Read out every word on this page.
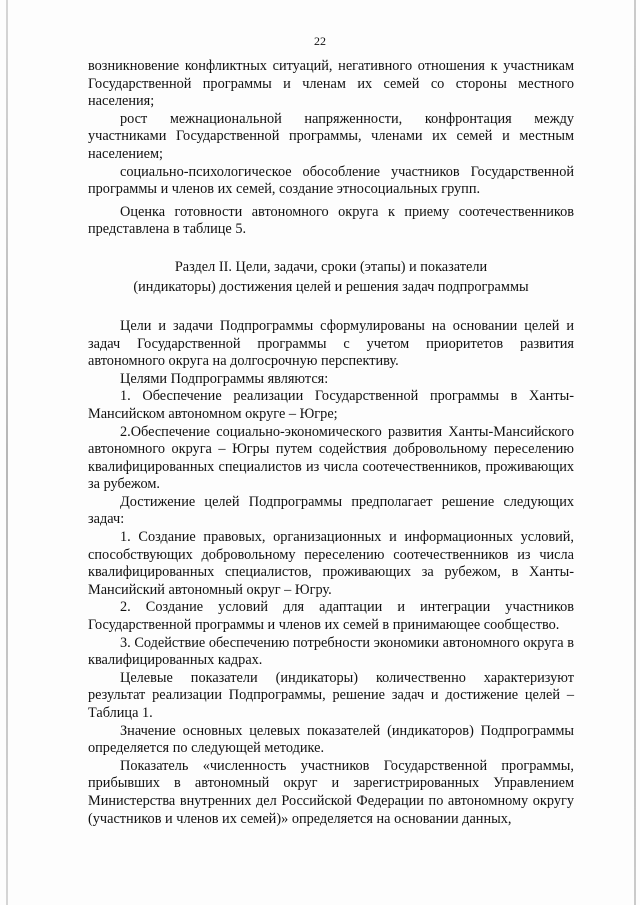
22

возникновение конфликтных ситуаций, негативного отношения к участникам Государственной программы и членам их семей со стороны местного населения;

рост межнациональной напряженности, конфронтация между участниками Государственной программы, членами их семей и местным населением;

социально-психологическое обособление участников Государственной программы и членов их семей, создание этносоциальных групп.

Оценка готовности автономного округа к приему соотечественников представлена в таблице 5.

Раздел II. Цели, задачи, сроки (этапы) и показатели
(индикаторы) достижения целей и решения задач подпрограммы

Цели и задачи Подпрограммы сформулированы на основании целей и задач Государственной программы с учетом приоритетов развития автономного округа на долгосрочную перспективу.

Целями Подпрограммы являются:

1. Обеспечение реализации Государственной программы в Ханты-Мансийском автономном округе – Югре;

2.Обеспечение социально-экономического развития Ханты-Мансийского автономного округа – Югры путем содействия добровольному переселению квалифицированных специалистов из числа соотечественников, проживающих за рубежом.

Достижение целей Подпрограммы предполагает решение следующих задач:

1. Создание правовых, организационных и информационных условий, способствующих добровольному переселению соотечественников из числа квалифицированных специалистов, проживающих за рубежом, в Ханты-Мансийский автономный округ – Югру.

2. Создание условий для адаптации и интеграции участников Государственной программы и членов их семей в принимающее сообщество.

3. Содействие обеспечению потребности экономики автономного округа в квалифицированных кадрах.

Целевые показатели (индикаторы) количественно характеризуют результат реализации Подпрограммы, решение задач и достижение целей – Таблица 1.

Значение основных целевых показателей (индикаторов) Подпрограммы определяется по следующей методике.

Показатель «численность участников Государственной программы, прибывших в автономный округ и зарегистрированных Управлением Министерства внутренних дел Российской Федерации по автономному округу (участников и членов их семей)» определяется на основании данных,
